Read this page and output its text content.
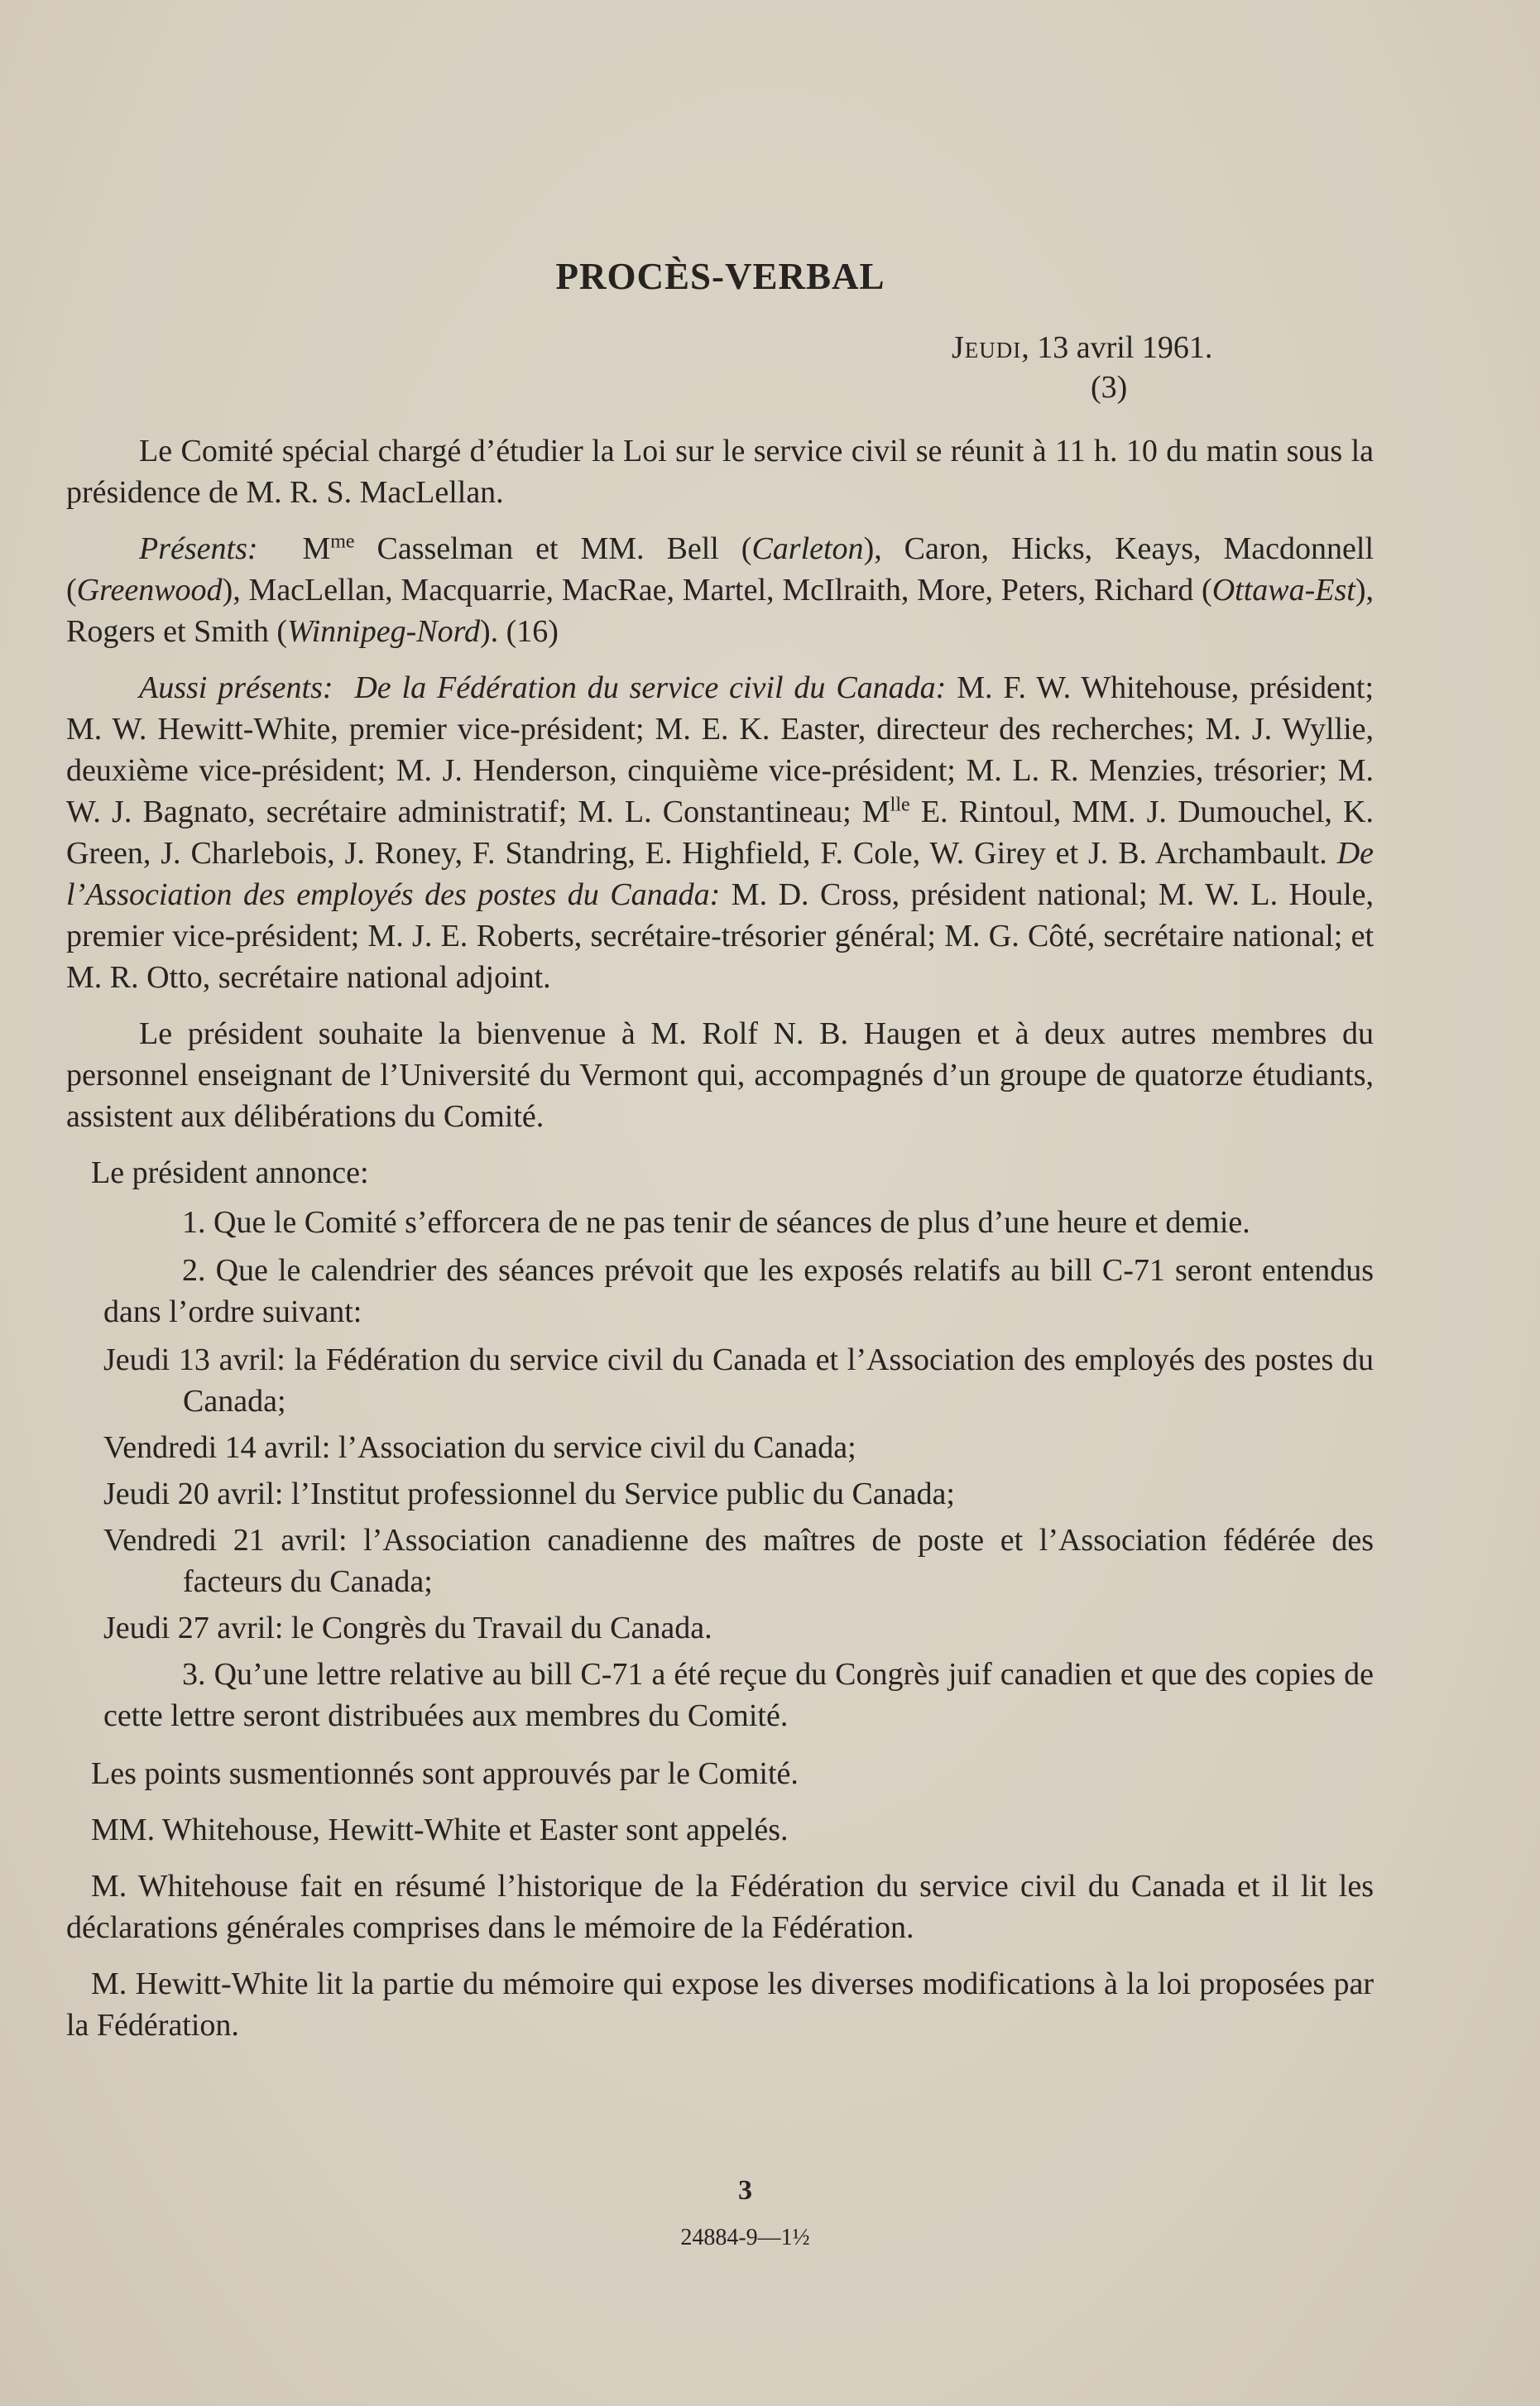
PROCÈS-VERBAL
Jeudi, 13 avril 1961.
(3)

Le Comité spécial chargé d’étudier la Loi sur le service civil se réunit à 11 h. 10 du matin sous la présidence de M. R. S. MacLellan.

Présents: $M^{me}$ Casselman et MM. Bell (Carleton), Caron, Hicks, Keays, Macdonnell (Greenwood), MacLellan, Macquarrie, MacRae, Martel, McIlraith, More, Peters, Richard (Ottawa-Est), Rogers et Smith (Winnipeg-Nord). (16)

Aussi présents: De la Fédération du service civil du Canada: M. F. W. Whitehouse, président; M. W. Hewitt-White, premier vice-président; M. E. K. Easter, directeur des recherches; M. J. Wyllie, deuxième vice-président; M. J. Henderson, cinquième vice-président; M. L. R. Menzies, trésorier; M. W. J. Bagnato, secrétaire administratif; M. L. Constantineau; $M^{lle}$ E. Rintoul, MM. J. Dumouchel, K. Green, J. Charlebois, J. Roney, F. Standring, E. Highfield, F. Cole, W. Girey et J. B. Archambault. De l’Association des employés des postes du Canada: M. D. Cross, président national; M. W. L. Houle, premier vice-président; M. J. E. Roberts, secrétaire-trésorier général; M. G. Côté, secrétaire national; et M. R. Otto, secrétaire national adjoint.

Le président souhaite la bienvenue à M. Rolf N. B. Haugen et à deux autres membres du personnel enseignant de l’Université du Vermont qui, accompagnés d’un groupe de quatorze étudiants, assistent aux délibérations du Comité.

Le président annonce:

1. Que le Comité s’efforcera de ne pas tenir de séances de plus d’une heure et demie.
2. Que le calendrier des séances prévoit que les exposés relatifs au bill C-71 seront entendus dans l’ordre suivant:
Jeudi 13 avril: la Fédération du service civil du Canada et l’Association des employés des postes du Canada;
Vendredi 14 avril: l’Association du service civil du Canada;
Jeudi 20 avril: l’Institut professionnel du Service public du Canada;
Vendredi 21 avril: l’Association canadienne des maîtres de poste et l’Association fédérée des facteurs du Canada;
Jeudi 27 avril: le Congrès du Travail du Canada.
3. Qu’une lettre relative au bill C-71 a été reçue du Congrès juif canadien et que des copies de cette lettre seront distribuées aux membres du Comité.

Les points susmentionnés sont approuvés par le Comité.

MM. Whitehouse, Hewitt-White et Easter sont appelés.

M. Whitehouse fait en résumé l’historique de la Fédération du service civil du Canada et il lit les déclarations générales comprises dans le mémoire de la Fédération.

M. Hewitt-White lit la partie du mémoire qui expose les diverses modifications à la loi proposées par la Fédération.

3
24884-9—1½
